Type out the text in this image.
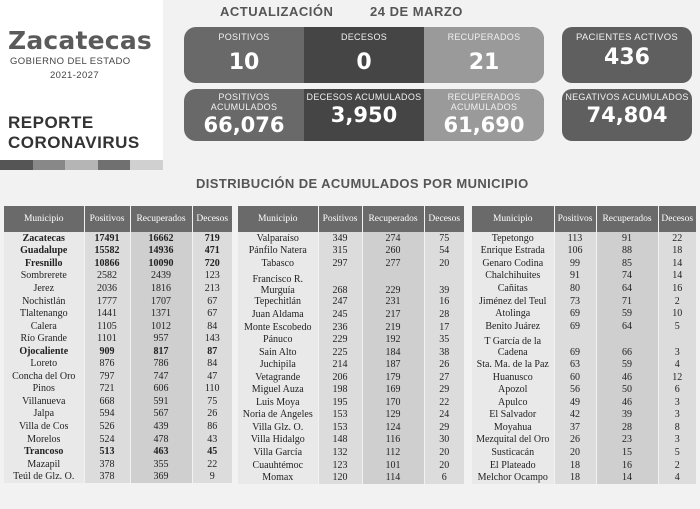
Zacatecas
GOBIERNO DEL ESTADO
2021-2027
REPORTE CORONAVIRUS
ACTUALIZACIÓN	24 DE MARZO
POSITIVOS
10
DECESOS
0
RECUPERADOS
21
POSITIVOS ACUMULADOS
66,076
DECESOS ACUMULADOS
3,950
RECUPERADOS ACUMULADOS
61,690
PACIENTES ACTIVOS
436
NEGATIVOS ACUMULADOS
74,804
DISTRIBUCIÓN DE ACUMULADOS POR MUNICIPIO
Municipio	Positivos	Recuperados	Decesos
Zacatecas	17491	16662	719
Guadalupe	15582	14936	471
Fresnillo	10866	10090	720
Sombrerete	2582	2439	123
Jerez	2036	1816	213
Nochistlán	1777	1707	67
Tlaltenango	1441	1371	67
Calera	1105	1012	84
Río Grande	1101	957	143
Ojocaliente	909	817	87
Loreto	876	786	84
Concha del Oro	797	747	47
Pinos	721	606	110
Villanueva	668	591	75
Jalpa	594	567	26
Villa de Cos	526	439	86
Morelos	524	478	43
Trancoso	513	463	45
Mazapil	378	355	22
Teúl de Glz. O.	378	369	9
Municipio	Positivos	Recuperados	Decesos
Valparaíso	349	274	75
Pánfilo Natera	315	260	54
Tabasco	297	277	20
Francisco R. Murguía	268	229	39
Tepechitlán	247	231	16
Juan Aldama	245	217	28
Monte Escobedo	236	219	17
Pánuco	229	192	35
Sain Alto	225	184	38
Juchipila	214	187	26
Vetagrande	206	179	27
Miguel Auza	198	169	29
Luis Moya	195	170	22
Noria de Ángeles	153	129	24
Villa Glz. O.	153	124	29
Villa Hidalgo	148	116	30
Villa García	132	112	20
Cuauhtémoc	123	101	20
Momax	120	114	6
Municipio	Positivos	Recuperados	Decesos
Tepetongo	113	91	22
Enrique Estrada	106	88	18
Genaro Codina	99	85	14
Chalchihuites	91	74	14
Cañitas	80	64	16
Jiménez del Teul	73	71	2
Atolinga	69	59	10
Benito Juárez	69	64	5
T García de la Cadena	69	66	3
Sta. Ma. de la Paz	63	59	4
Huanusco	60	46	12
Apozol	56	50	6
Apulco	49	46	3
El Salvador	42	39	3
Moyahua	37	28	8
Mezquital del Oro	26	23	3
Susticacán	20	15	5
El Plateado	18	16	2
Melchor Ocampo	18	14	4
